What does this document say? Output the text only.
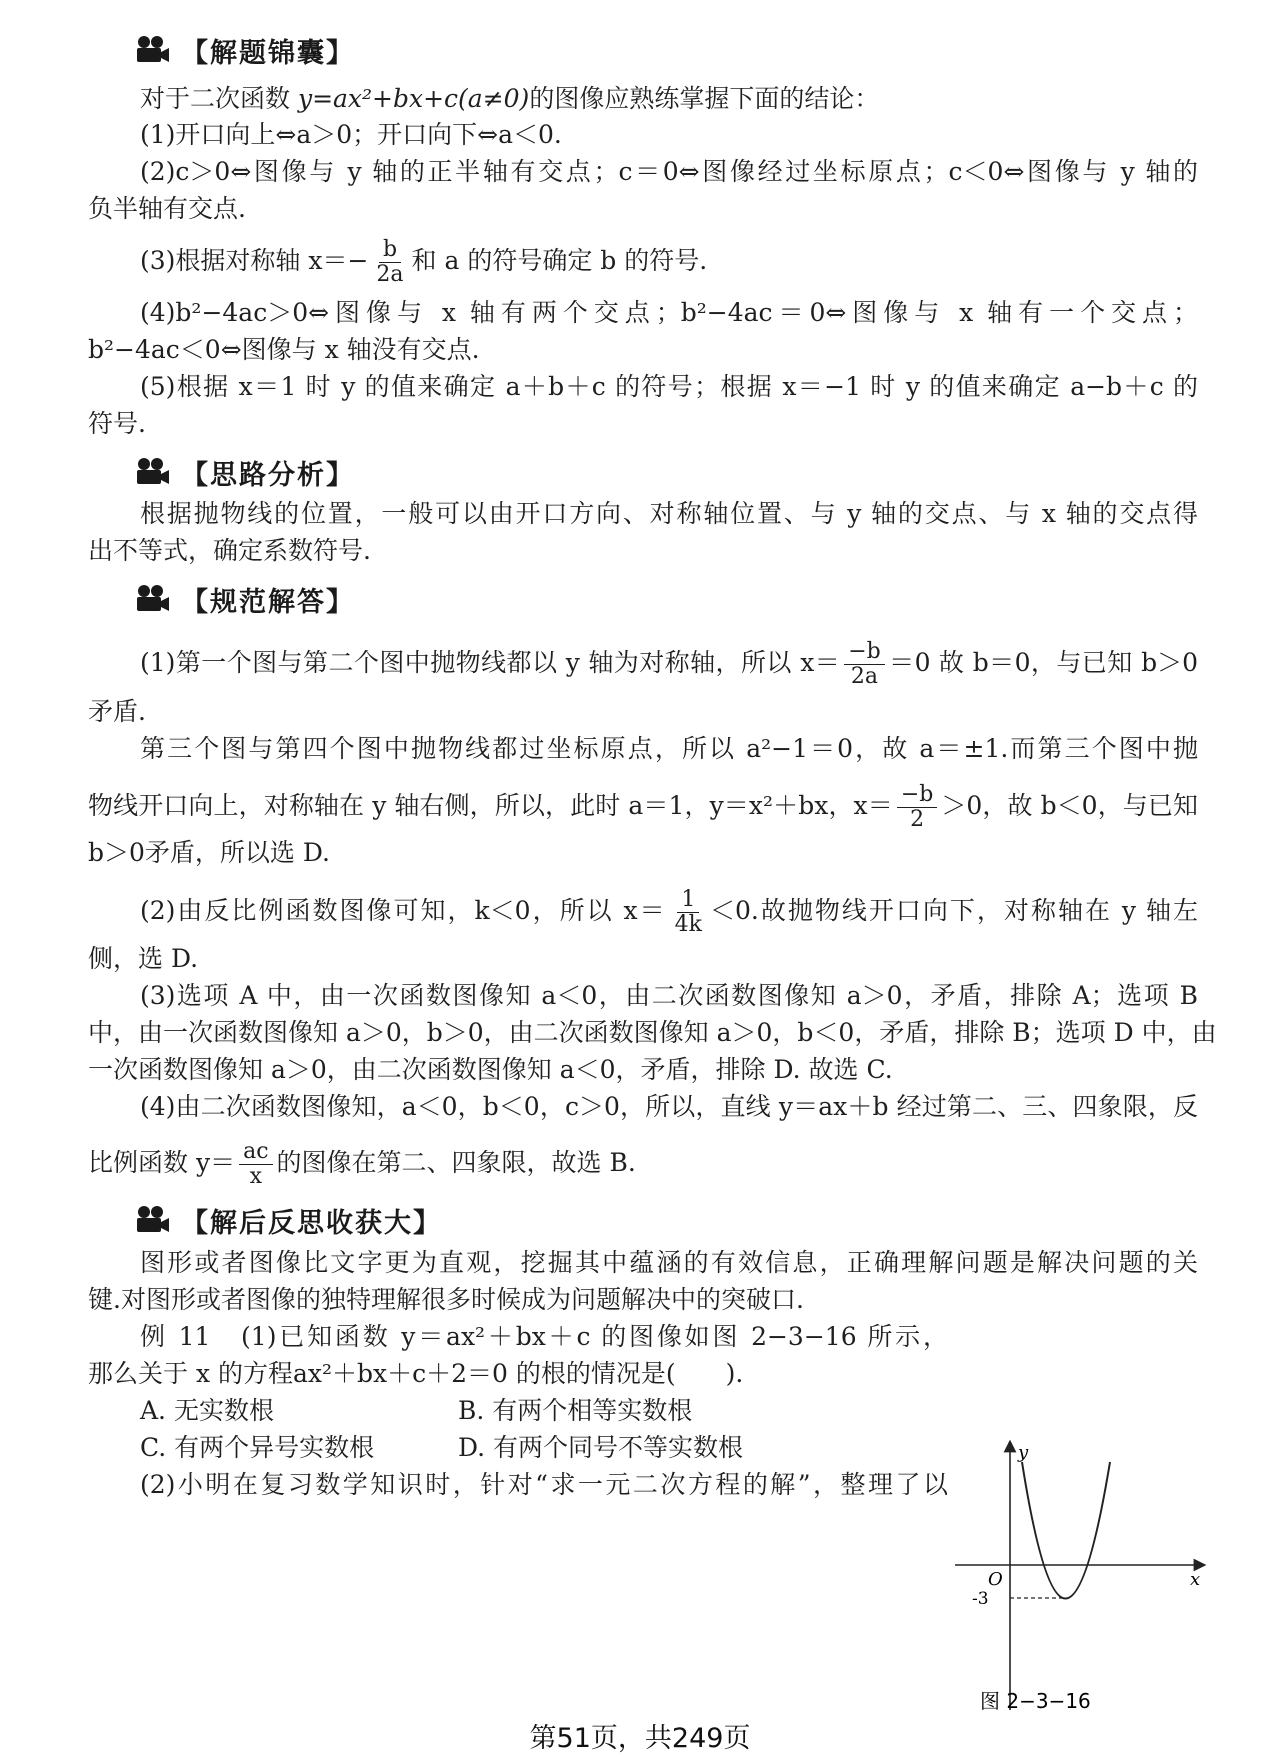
【解题锦囊】
对于二次函数 y=ax²+bx+c(a≠0)的图像应熟练掌握下面的结论：
(1)开口向上⇔a＞0；开口向下⇔a＜0.
(2)c＞0⇔图像与 y 轴的正半轴有交点；c＝0⇔图像经过坐标原点；c＜0⇔图像与 y 轴的
负半轴有交点.
(3)根据对称轴 $x=- \frac{b}{2a}$ 和 a 的符号确定 b 的符号.
(4)b²−4ac＞0⇔图像与 x 轴有两个交点；b²−4ac＝0⇔图像与 x 轴有一个交点；
b²−4ac＜0⇔图像与 x 轴没有交点.
(5)根据 x＝1 时 y 的值来确定 a＋b＋c 的符号；根据 x＝−1 时 y 的值来确定 a−b＋c 的
符号.
【思路分析】
根据抛物线的位置，一般可以由开口方向、对称轴位置、与 y 轴的交点、与 x 轴的交点得
出不等式，确定系数符号.
【规范解答】
(1)第一个图与第二个图中抛物线都以 y 轴为对称轴，所以 $x= \frac{-b}{2a} =0$ 故 b＝0，与已知 b＞0
矛盾.
第三个图与第四个图中抛物线都过坐标原点，所以 a²−1＝0，故 a＝±1.而第三个图中抛
物线开口向上，对称轴在 y 轴右侧，所以，此时 a＝1，y＝x²＋bx，$x= \frac{-b}{2} >0$，故 b＜0，与已知
b＞0矛盾，所以选 D.
(2)由反比例函数图像可知，k＜0，所以 $x= \frac{1}{4k} <0$.故抛物线开口向下，对称轴在 y 轴左
侧，选 D.
(3)选项 A 中，由一次函数图像知 a＜0，由二次函数图像知 a＞0，矛盾，排除 A；选项 B
中，由一次函数图像知 a＞0，b＞0，由二次函数图像知 a＞0，b＜0，矛盾，排除 B；选项 D 中，由
一次函数图像知 a＞0，由二次函数图像知 a＜0，矛盾，排除 D. 故选 C.
(4)由二次函数图像知，a＜0，b＜0，c＞0，所以，直线 y＝ax＋b 经过第二、三、四象限，反
比例函数 $y= \frac{ac}{x}$ 的图像在第二、四象限，故选 B.
【解后反思收获大】
图形或者图像比文字更为直观，挖掘其中蕴涵的有效信息，正确理解问题是解决问题的关
键.对图形或者图像的独特理解很多时候成为问题解决中的突破口.
例 11　(1)已知函数 y＝ax²＋bx＋c 的图像如图 2−3−16 所示，
那么关于 x 的方程ax²＋bx＋c＋2＝0 的根的情况是(　　).
A. 无实数根	B. 有两个相等实数根
C. 有两个异号实数根	D. 有两个同号不等实数根
(2)小明在复习数学知识时，针对“求一元二次方程的解”，整理了以
y
x
O
-3
图 2−3−16
第51页，共249页
